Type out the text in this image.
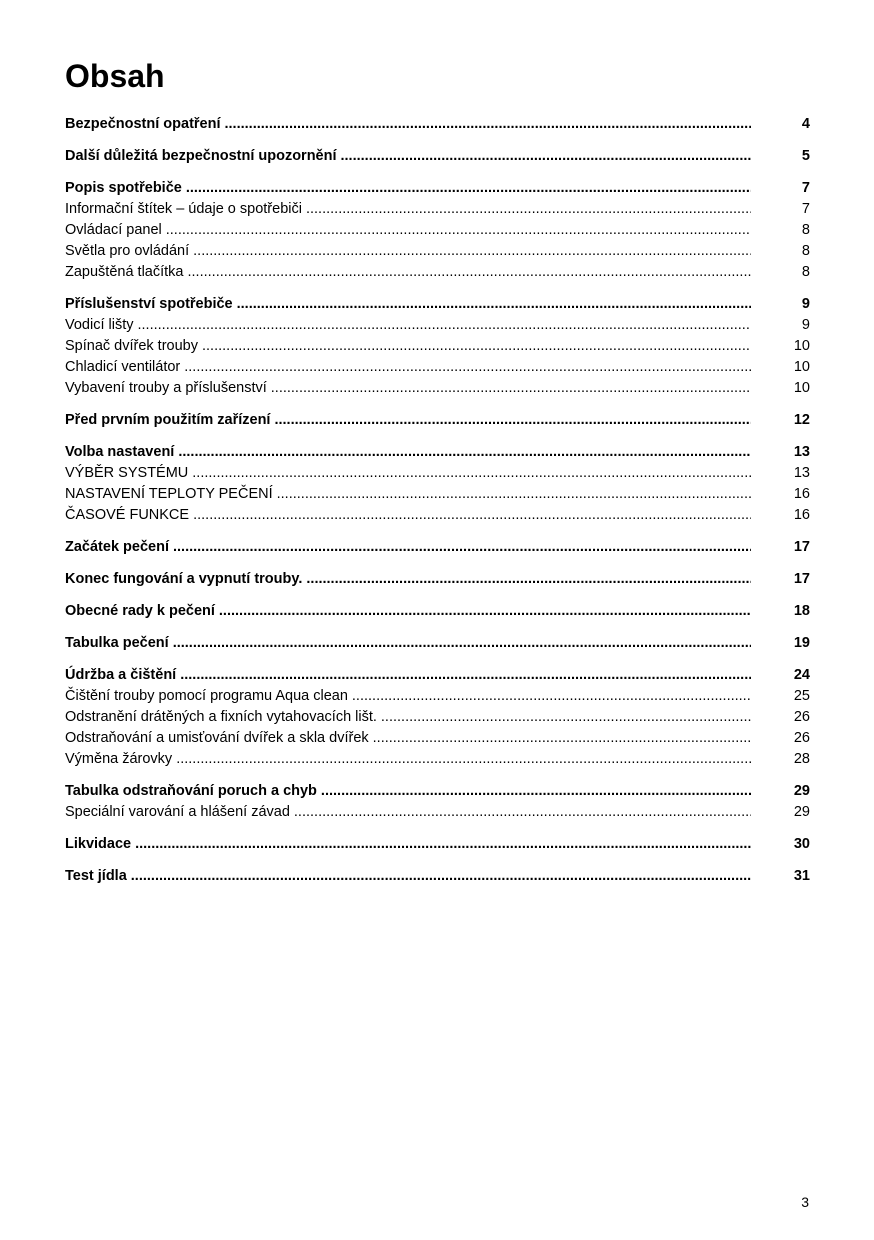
Obsah
Bezpečnostní opatření .....	4
Další důležitá bezpečnostní upozornění .....	5
Popis spotřebiče .....	7
Informační štítek – údaje o spotřebiči .....	7
Ovládací panel .....	8
Světla pro ovládání .....	8
Zapuštěná tlačítka .....	8
Příslušenství spotřebiče .....	9
Vodicí lišty .....	9
Spínač dvířek trouby .....	10
Chladicí ventilátor .....	10
Vybavení trouby a příslušenství .....	10
Před prvním použitím zařízení .....	12
Volba nastavení .....	13
VÝBĚR SYSTÉMU .....	13
NASTAVENÍ TEPLOTY PEČENÍ .....	16
ČASOVÉ FUNKCE .....	16
Začátek pečení .....	17
Konec fungování a vypnutí trouby. .....	17
Obecné rady k pečení .....	18
Tabulka pečení .....	19
Údržba a čištění .....	24
Čištění trouby pomocí programu Aqua clean .....	25
Odstranění drátěných a fixních vytahovacích lišt. .....	26
Odstraňování a umisťování dvířek a skla dvířek .....	26
Výměna žárovky .....	28
Tabulka odstraňování poruch a chyb .....	29
Speciální varování a hlášení závad .....	29
Likvidace .....	30
Test jídla .....	31
3
